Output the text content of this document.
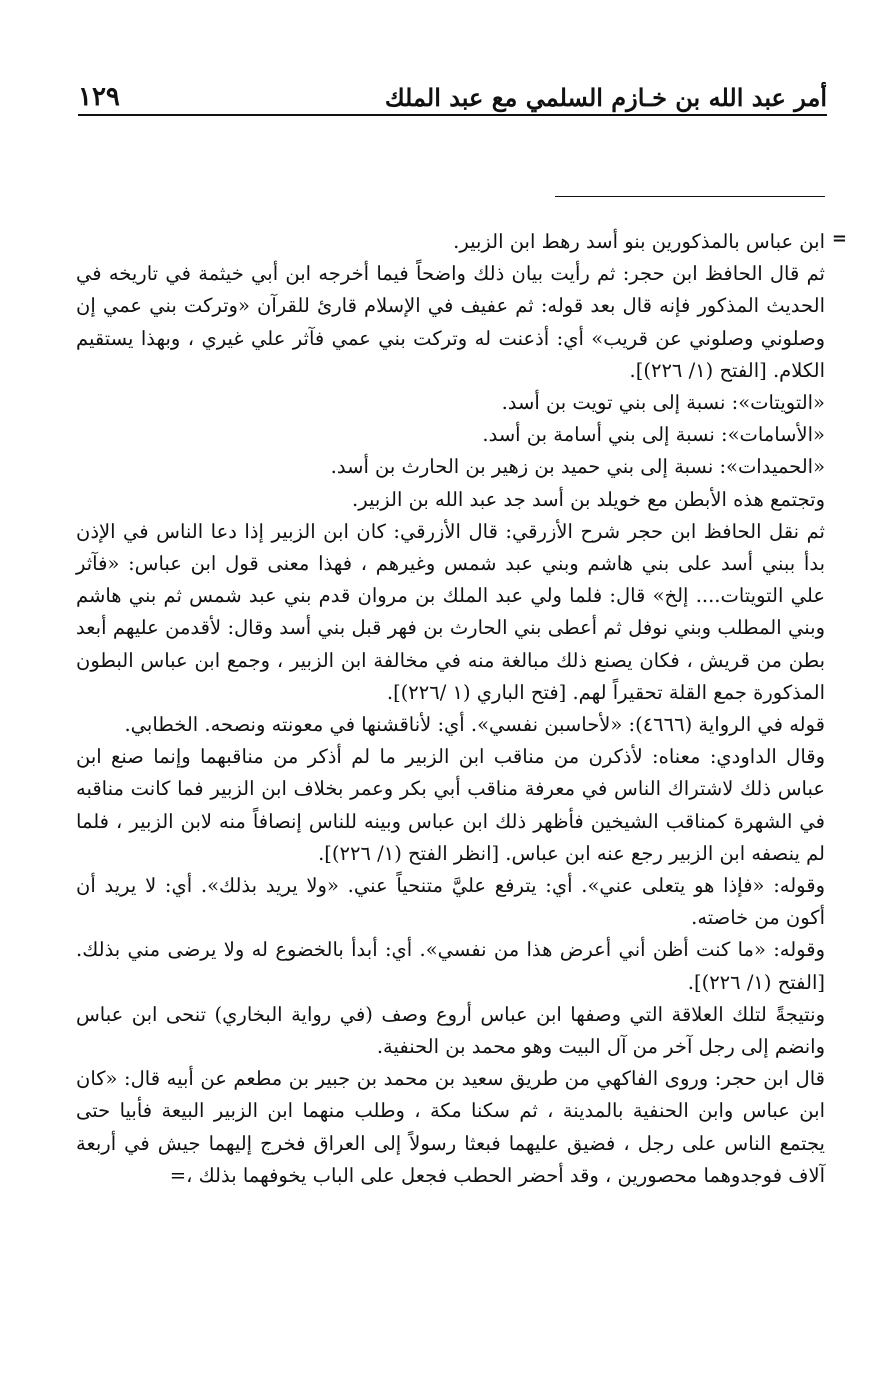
أمر عبد الله بن خـازم السلمي مع عبد الملك
١٢٩
=

ابن عباس بالمذكورين بنو أسد رهط ابن الزبير.

ثم قال الحافظ ابن حجر: ثم رأيت بيان ذلك واضحاً فيما أخرجه ابن أبي خيثمة في تاريخه في الحديث المذكور فإنه قال بعد قوله: ثم عفيف في الإسلام قارئ للقرآن «وتركت بني عمي إن وصلوني وصلوني عن قريب» أي: أذعنت له وتركت بني عمي فآثر علي غيري ، وبهذا يستقيم الكلام. [الفتح (١/ ٢٢٦)].

«التويتات»: نسبة إلى بني تويت بن أسد.

«الأسامات»: نسبة إلى بني أسامة بن أسد.

«الحميدات»: نسبة إلى بني حميد بن زهير بن الحارث بن أسد.

وتجتمع هذه الأبطن مع خويلد بن أسد جد عبد الله بن الزبير.

ثم نقل الحافظ ابن حجر شرح الأزرقي: قال الأزرقي: كان ابن الزبير إذا دعا الناس في الإذن بدأ ببني أسد على بني هاشم وبني عبد شمس وغيرهم ، فهذا معنى قول ابن عباس: «فآثر علي التويتات.... إلخ» قال: فلما ولي عبد الملك بن مروان قدم بني عبد شمس ثم بني هاشم وبني المطلب وبني نوفل ثم أعطى بني الحارث بن فهر قبل بني أسد وقال: لأقدمن عليهم أبعد بطن من قريش ، فكان يصنع ذلك مبالغة منه في مخالفة ابن الزبير ، وجمع ابن عباس البطون المذكورة جمع القلة تحقيراً لهم. [فتح الباري (١ /٢٢٦)].

قوله في الرواية (٤٦٦٦): «لأحاسبن نفسي». أي: لأناقشنها في معونته ونصحه. الخطابي.

وقال الداودي: معناه: لأذكرن من مناقب ابن الزبير ما لم أذكر من مناقبهما وإنما صنع ابن عباس ذلك لاشتراك الناس في معرفة مناقب أبي بكر وعمر بخلاف ابن الزبير فما كانت مناقبه في الشهرة كمناقب الشيخين فأظهر ذلك ابن عباس وبينه للناس إنصافاً منه لابن الزبير ، فلما لم ينصفه ابن الزبير رجع عنه ابن عباس. [انظر الفتح (١/ ٢٢٦)].

وقوله: «فإذا هو يتعلى عني». أي: يترفع عليَّ متنحياً عني. «ولا يريد بذلك». أي: لا يريد أن أكون من خاصته.

وقوله: «ما كنت أظن أني أعرض هذا من نفسي». أي: أبدأ بالخضوع له ولا يرضى مني بذلك. [الفتح (١/ ٢٢٦)].

ونتيجةً لتلك العلاقة التي وصفها ابن عباس أروع وصف (في رواية البخاري) تنحى ابن عباس وانضم إلى رجل آخر من آل البيت وهو محمد بن الحنفية.

قال ابن حجر: وروى الفاكهي من طريق سعيد بن محمد بن جبير بن مطعم عن أبيه قال: «كان ابن عباس وابن الحنفية بالمدينة ، ثم سكنا مكة ، وطلب منهما ابن الزبير البيعة فأبيا حتى يجتمع الناس على رجل ، فضيق عليهما فبعثا رسولاً إلى العراق فخرج إليهما جيش في أربعة آلاف فوجدوهما محصورين ، وقد أحضر الحطب فجعل على الباب يخوفهما بذلك ،=
